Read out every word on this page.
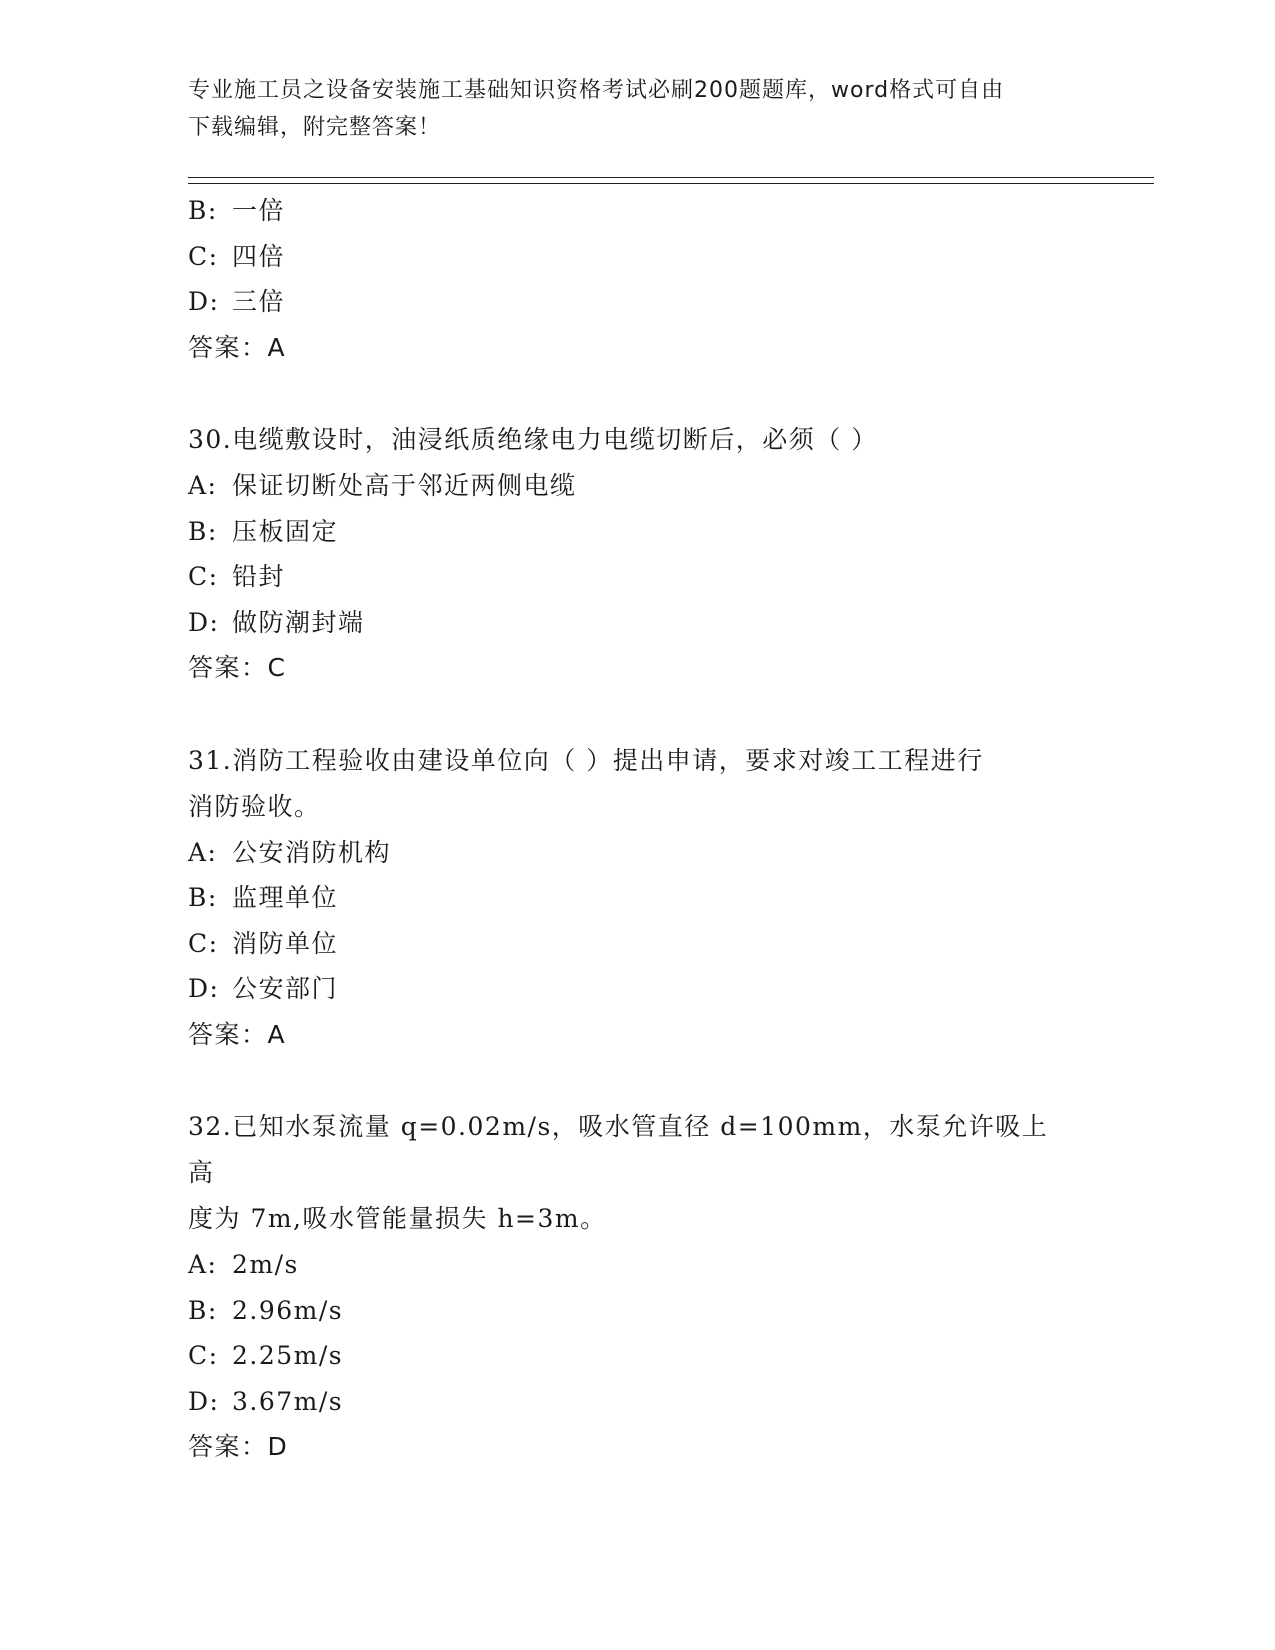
专业施工员之设备安装施工基础知识资格考试必刷200题题库，word格式可自由
下载编辑，附完整答案！
B: 一倍
C: 四倍
D: 三倍
答案：A
30.电缆敷设时，油浸纸质绝缘电力电缆切断后，必须（ ）
A: 保证切断处高于邻近两侧电缆
B: 压板固定
C: 铅封
D: 做防潮封端
答案：C
31.消防工程验收由建设单位向（ ）提出申请，要求对竣工工程进行
消防验收。
A: 公安消防机构
B: 监理单位
C: 消防单位
D: 公安部门
答案：A
32.已知水泵流量 q=0.02m/s，吸水管直径 d=100mm，水泵允许吸上高
度为 7m,吸水管能量损失 h=3m。
A: 2m/s
B: 2.96m/s
C: 2.25m/s
D: 3.67m/s
答案：D
